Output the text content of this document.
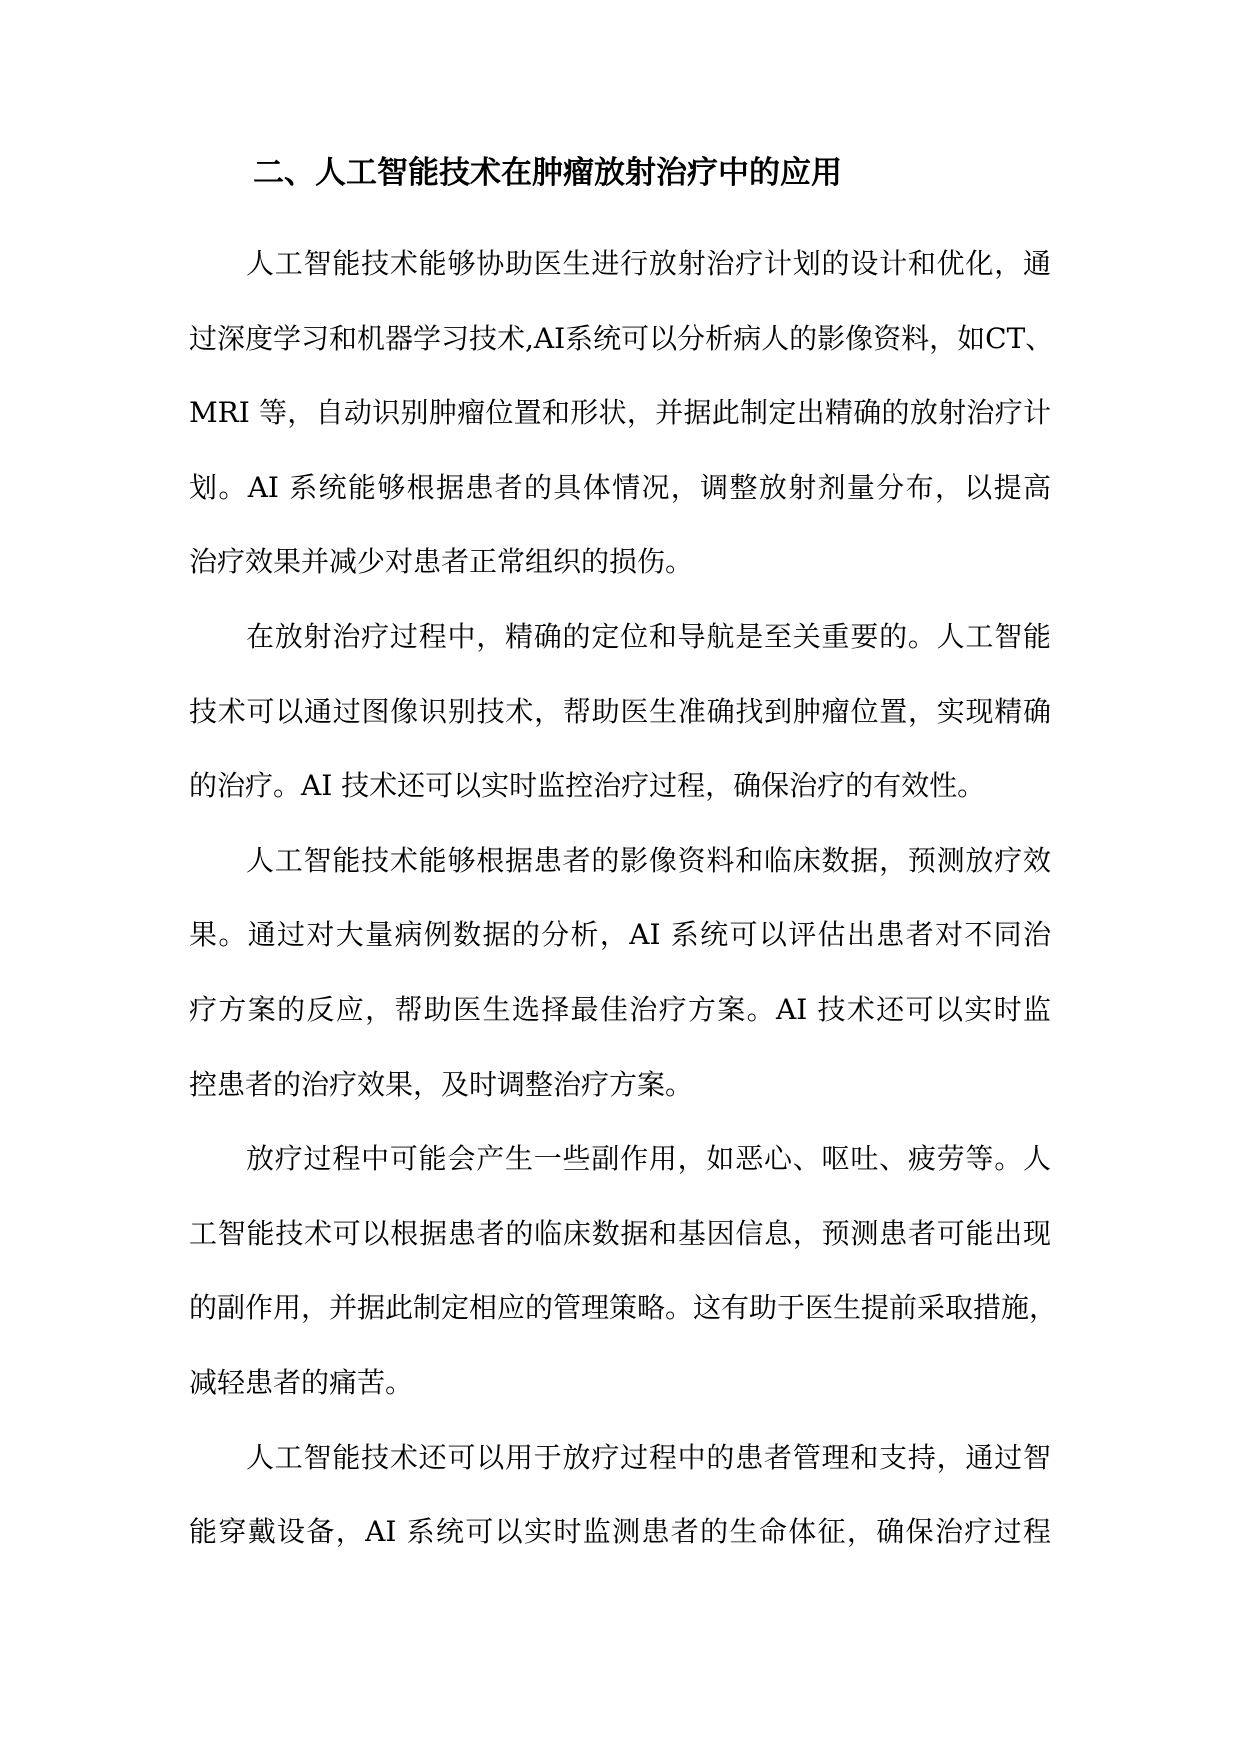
二、人工智能技术在肿瘤放射治疗中的应用

人工智能技术能够协助医生进行放射治疗计划的设计和优化，通
过深度学习和机器学习技术,AI系统可以分析病人的影像资料，如CT、
MRI 等，自动识别肿瘤位置和形状，并据此制定出精确的放射治疗计
划。AI 系统能够根据患者的具体情况，调整放射剂量分布，以提高
治疗效果并减少对患者正常组织的损伤。

在放射治疗过程中，精确的定位和导航是至关重要的。人工智能
技术可以通过图像识别技术，帮助医生准确找到肿瘤位置，实现精确
的治疗。AI 技术还可以实时监控治疗过程，确保治疗的有效性。

人工智能技术能够根据患者的影像资料和临床数据，预测放疗效
果。通过对大量病例数据的分析，AI 系统可以评估出患者对不同治
疗方案的反应，帮助医生选择最佳治疗方案。AI 技术还可以实时监
控患者的治疗效果，及时调整治疗方案。

放疗过程中可能会产生一些副作用，如恶心、呕吐、疲劳等。人
工智能技术可以根据患者的临床数据和基因信息，预测患者可能出现
的副作用，并据此制定相应的管理策略。这有助于医生提前采取措施，
减轻患者的痛苦。

人工智能技术还可以用于放疗过程中的患者管理和支持，通过智
能穿戴设备，AI 系统可以实时监测患者的生命体征，确保治疗过程
